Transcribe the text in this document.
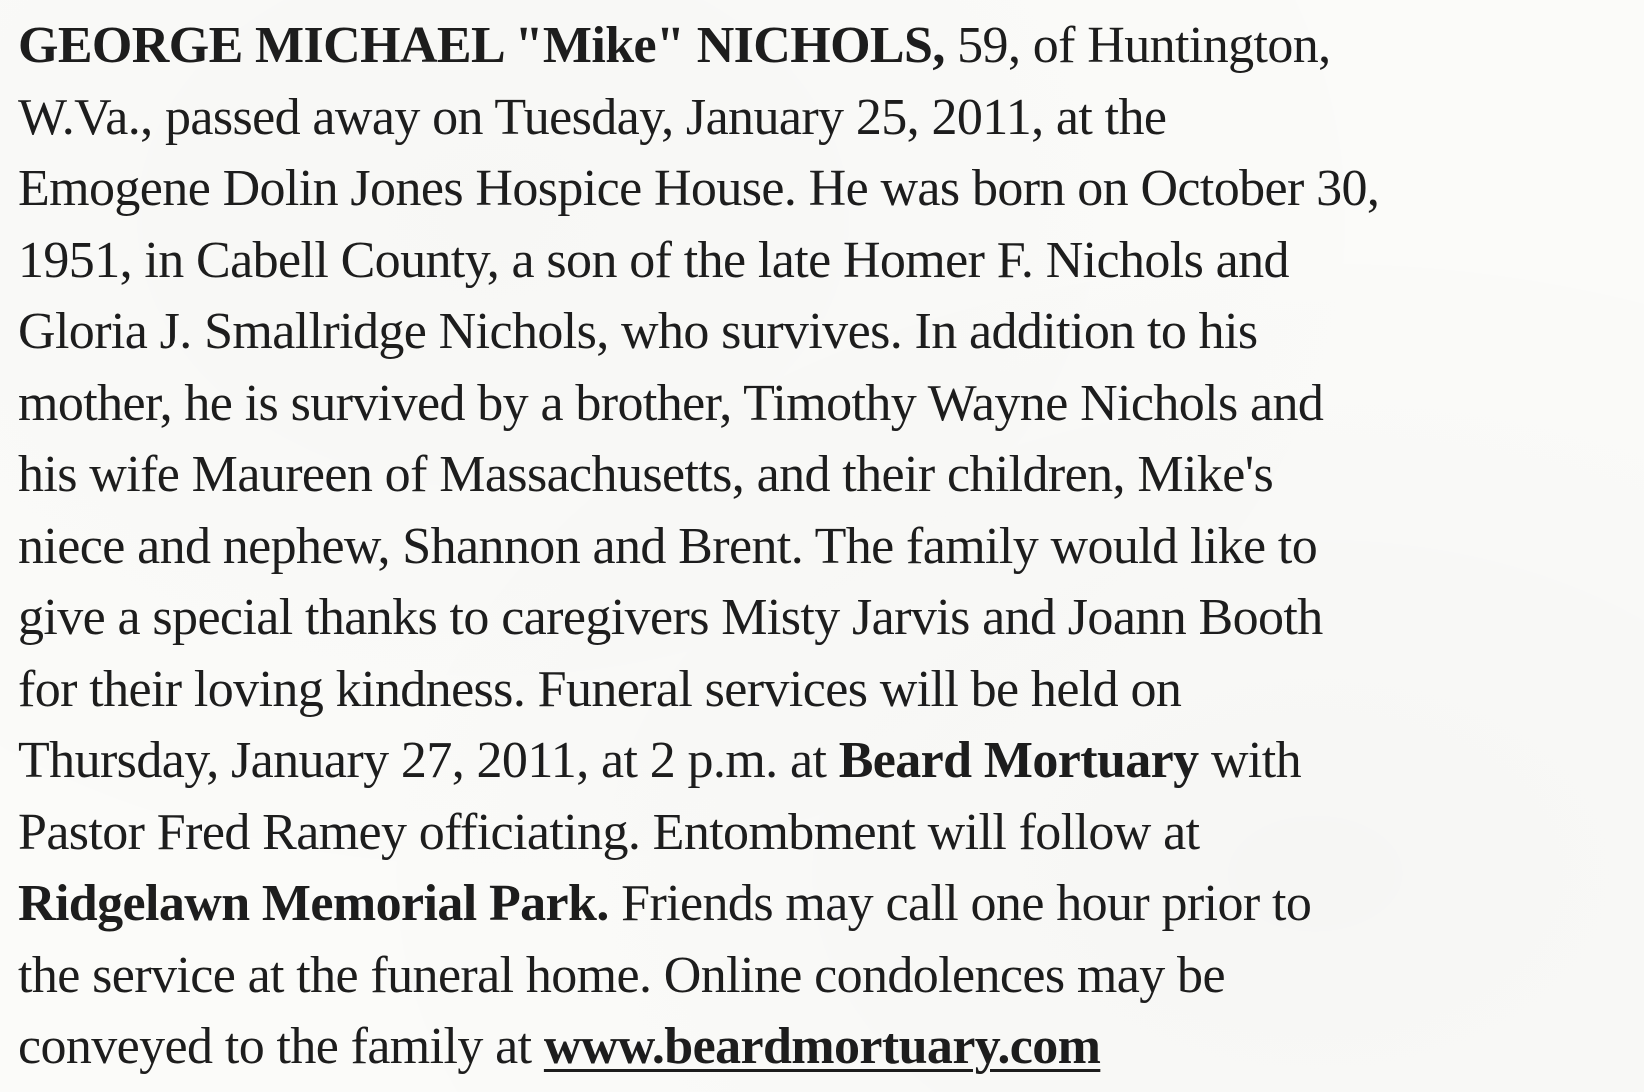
GEORGE MICHAEL "Mike" NICHOLS, 59, of Huntington,
W.Va., passed away on Tuesday, January 25, 2011, at the
Emogene Dolin Jones Hospice House. He was born on October 30,
1951, in Cabell County, a son of the late Homer F. Nichols and
Gloria J. Smallridge Nichols, who survives. In addition to his
mother, he is survived by a brother, Timothy Wayne Nichols and
his wife Maureen of Massachusetts, and their children, Mike's
niece and nephew, Shannon and Brent. The family would like to
give a special thanks to caregivers Misty Jarvis and Joann Booth
for their loving kindness. Funeral services will be held on
Thursday, January 27, 2011, at 2 p.m. at Beard Mortuary with
Pastor Fred Ramey officiating. Entombment will follow at
Ridgelawn Memorial Park. Friends may call one hour prior to
the service at the funeral home. Online condolences may be
conveyed to the family at www.beardmortuary.com
